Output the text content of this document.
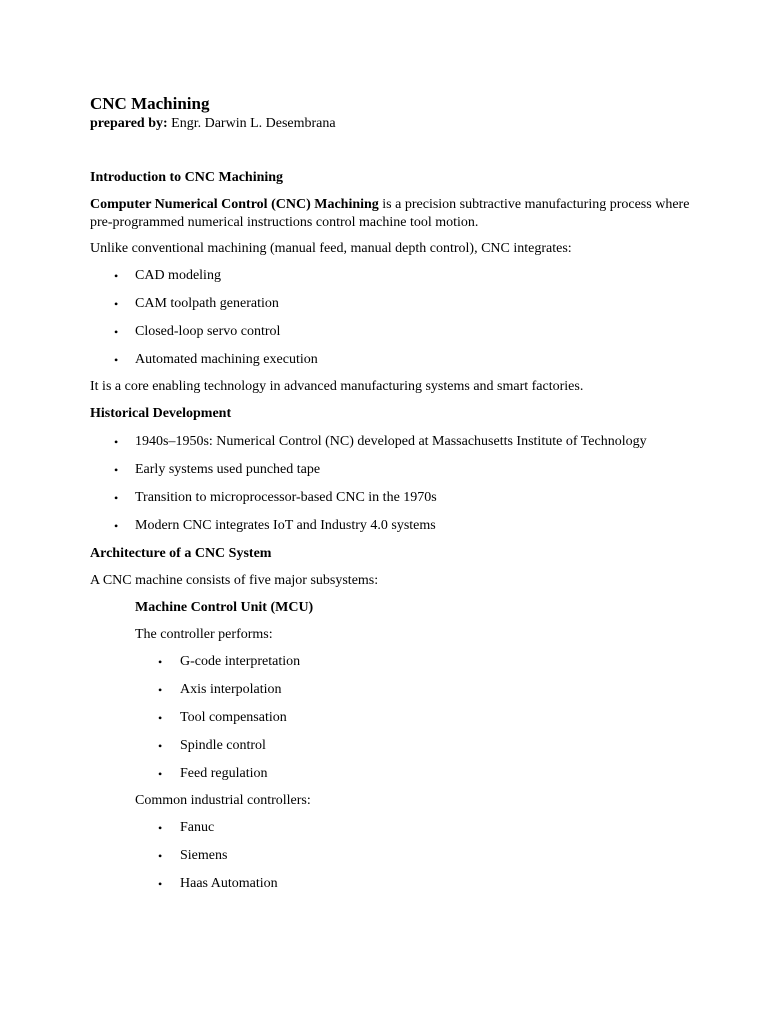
CNC Machining

prepared by: Engr. Darwin L. Desembrana

Introduction to CNC Machining

Computer Numerical Control (CNC) Machining is a precision subtractive manufacturing process where pre-programmed numerical instructions control machine tool motion.

Unlike conventional machining (manual feed, manual depth control), CNC integrates:

• CAD modeling
• CAM toolpath generation
• Closed-loop servo control
• Automated machining execution

It is a core enabling technology in advanced manufacturing systems and smart factories.

Historical Development

• 1940s–1950s: Numerical Control (NC) developed at Massachusetts Institute of Technology
• Early systems used punched tape
• Transition to microprocessor-based CNC in the 1970s
• Modern CNC integrates IoT and Industry 4.0 systems

Architecture of a CNC System

A CNC machine consists of five major subsystems:

Machine Control Unit (MCU)

The controller performs:

• G-code interpretation
• Axis interpolation
• Tool compensation
• Spindle control
• Feed regulation

Common industrial controllers:

• Fanuc
• Siemens
• Haas Automation
